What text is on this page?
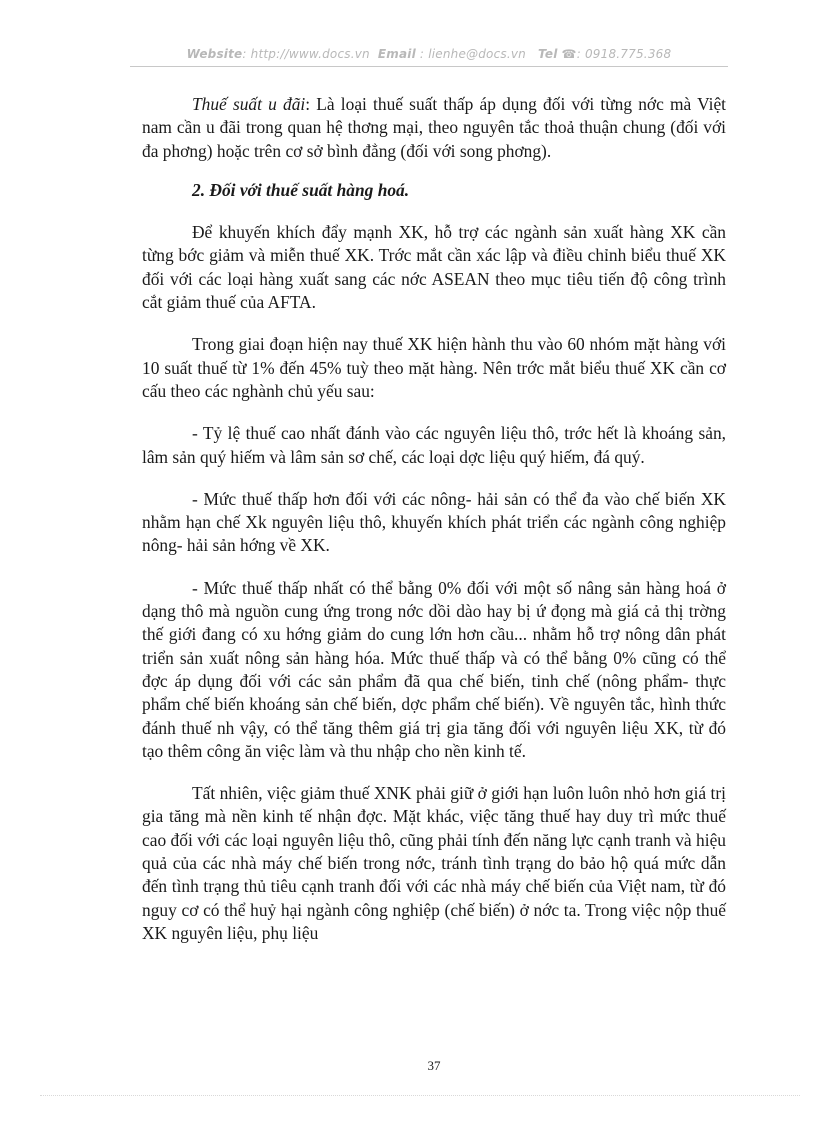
Website: http://www.docs.vn Email : lienhe@docs.vn Tel ☎: 0918.775.368

Thuế suất u đãi: Là loại thuế suất thấp áp dụng đối với từng nớc mà Việt nam cần u đãi trong quan hệ thơng mại, theo nguyên tắc thoả thuận chung (đối với đa phơng) hoặc trên cơ sở bình đẳng (đối với song phơng).

2. Đối với thuế suất hàng hoá.

Để khuyến khích đẩy mạnh XK, hỗ trợ các ngành sản xuất hàng XK cần từng bớc giảm và miễn thuế XK. Trớc mắt cần xác lập và điều chỉnh biểu thuế XK đối với các loại hàng xuất sang các nớc ASEAN theo mục tiêu tiến độ công trình cắt giảm thuế của AFTA.

Trong giai đoạn hiện nay thuế XK hiện hành thu vào 60 nhóm mặt hàng với 10 suất thuế từ 1% đến 45% tuỳ theo mặt hàng. Nên trớc mắt biểu thuế XK cần cơ cấu theo các nghành chủ yếu sau:

- Tỷ lệ thuế cao nhất đánh vào các nguyên liệu thô, trớc hết là khoáng sản, lâm sản quý hiếm và lâm sản sơ chế, các loại dợc liệu quý hiếm, đá quý.

- Mức thuế thấp hơn đối với các nông- hải sản có thể đa vào chế biến XK nhằm hạn chế Xk nguyên liệu thô, khuyến khích phát triển các ngành công nghiệp nông- hải sản hớng về XK.

- Mức thuế thấp nhất có thể bằng 0% đối với một số nâng sản hàng hoá ở dạng thô mà nguồn cung ứng trong nớc dồi dào hay bị ứ đọng mà giá cả thị trờng thế giới đang có xu hớng giảm do cung lớn hơn cầu... nhằm hỗ trợ nông dân phát triển sản xuất nông sản hàng hóa. Mức thuế thấp và có thể bằng 0% cũng có thể đợc áp dụng đối với các sản phẩm đã qua chế biến, tinh chế (nông phẩm- thực phẩm chế biến khoáng sản chế biến, dợc phẩm chế biến). Về nguyên tắc, hình thức đánh thuế nh vậy, có thể tăng thêm giá trị gia tăng đối với nguyên liệu XK, từ đó tạo thêm công ăn việc làm và thu nhập cho nền kinh tế.

Tất nhiên, việc giảm thuế XNK phải giữ ở giới hạn luôn luôn nhỏ hơn giá trị gia tăng mà nền kinh tế nhận đợc. Mặt khác, việc tăng thuế hay duy trì mức thuế cao đối với các loại nguyên liệu thô, cũng phải tính đến năng lực cạnh tranh và hiệu quả của các nhà máy chế biến trong nớc, tránh tình trạng do bảo hộ quá mức dẫn đến tình trạng thủ tiêu cạnh tranh đối với các nhà máy chế biến của Việt nam, từ đó nguy cơ có thể huỷ hại ngành công nghiệp (chế biến) ở nớc ta. Trong việc nộp thuế XK nguyên liệu, phụ liệu

37
